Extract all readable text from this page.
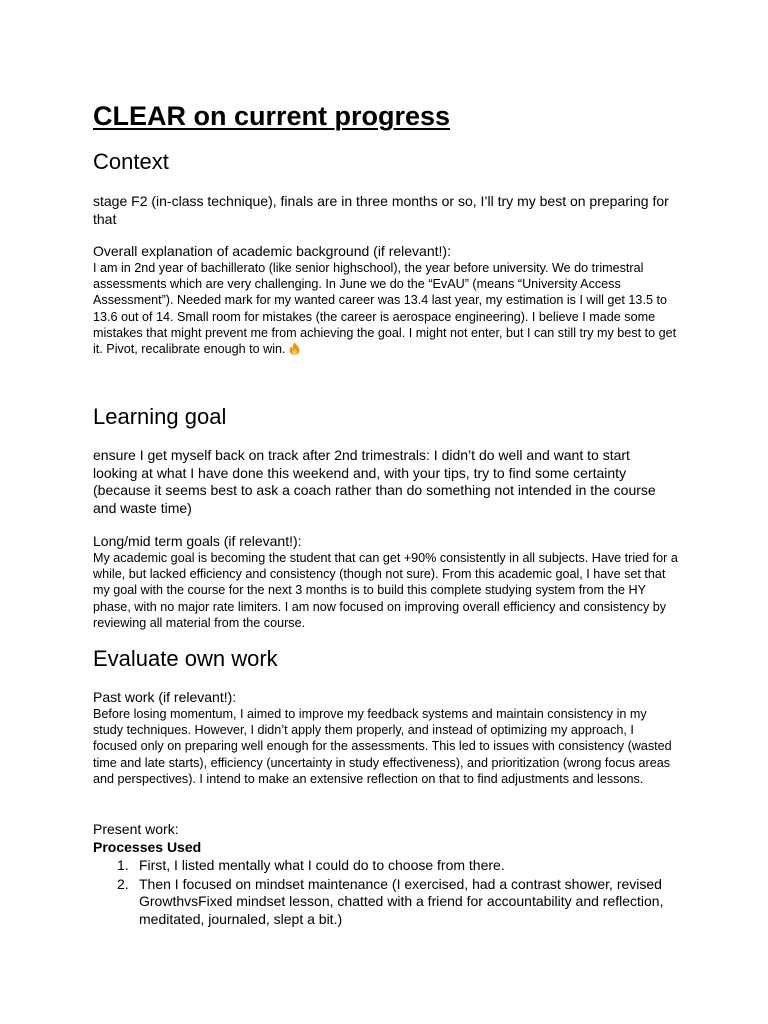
CLEAR on current progress
Context

stage F2 (in-class technique), finals are in three months or so, I’ll try my best on preparing for that

Overall explanation of academic background (if relevant!):

I am in 2nd year of bachillerato (like senior highschool), the year before university. We do trimestral assessments which are very challenging. In June we do the “EvAU” (means “University Access Assessment”). Needed mark for my wanted career was 13.4 last year, my estimation is I will get 13.5 to 13.6 out of 14. Small room for mistakes (the career is aerospace engineering). I believe I made some mistakes that might prevent me from achieving the goal. I might not enter, but I can still try my best to get it. Pivot, recalibrate enough to win.

Learning goal

ensure I get myself back on track after 2nd trimestrals: I didn’t do well and want to start looking at what I have done this weekend and, with your tips, try to find some certainty (because it seems best to ask a coach rather than do something not intended in the course and waste time)

Long/mid term goals (if relevant!):

My academic goal is becoming the student that can get +90% consistently in all subjects. Have tried for a while, but lacked efficiency and consistency (though not sure). From this academic goal, I have set that my goal with the course for the next 3 months is to build this complete studying system from the HY phase, with no major rate limiters. I am now focused on improving overall efficiency and consistency by reviewing all material from the course.

Evaluate own work

Past work (if relevant!):

Before losing momentum, I aimed to improve my feedback systems and maintain consistency in my study techniques. However, I didn’t apply them properly, and instead of optimizing my approach, I focused only on preparing well enough for the assessments. This led to issues with consistency (wasted time and late starts), efficiency (uncertainty in study effectiveness), and prioritization (wrong focus areas and perspectives). I intend to make an extensive reflection on that to find adjustments and lessons.

Present work:

Processes Used

1. First, I listed mentally what I could do to choose from there.
2. Then I focused on mindset maintenance (I exercised, had a contrast shower, revised GrowthvsFixed mindset lesson, chatted with a friend for accountability and reflection, meditated, journaled, slept a bit.)
